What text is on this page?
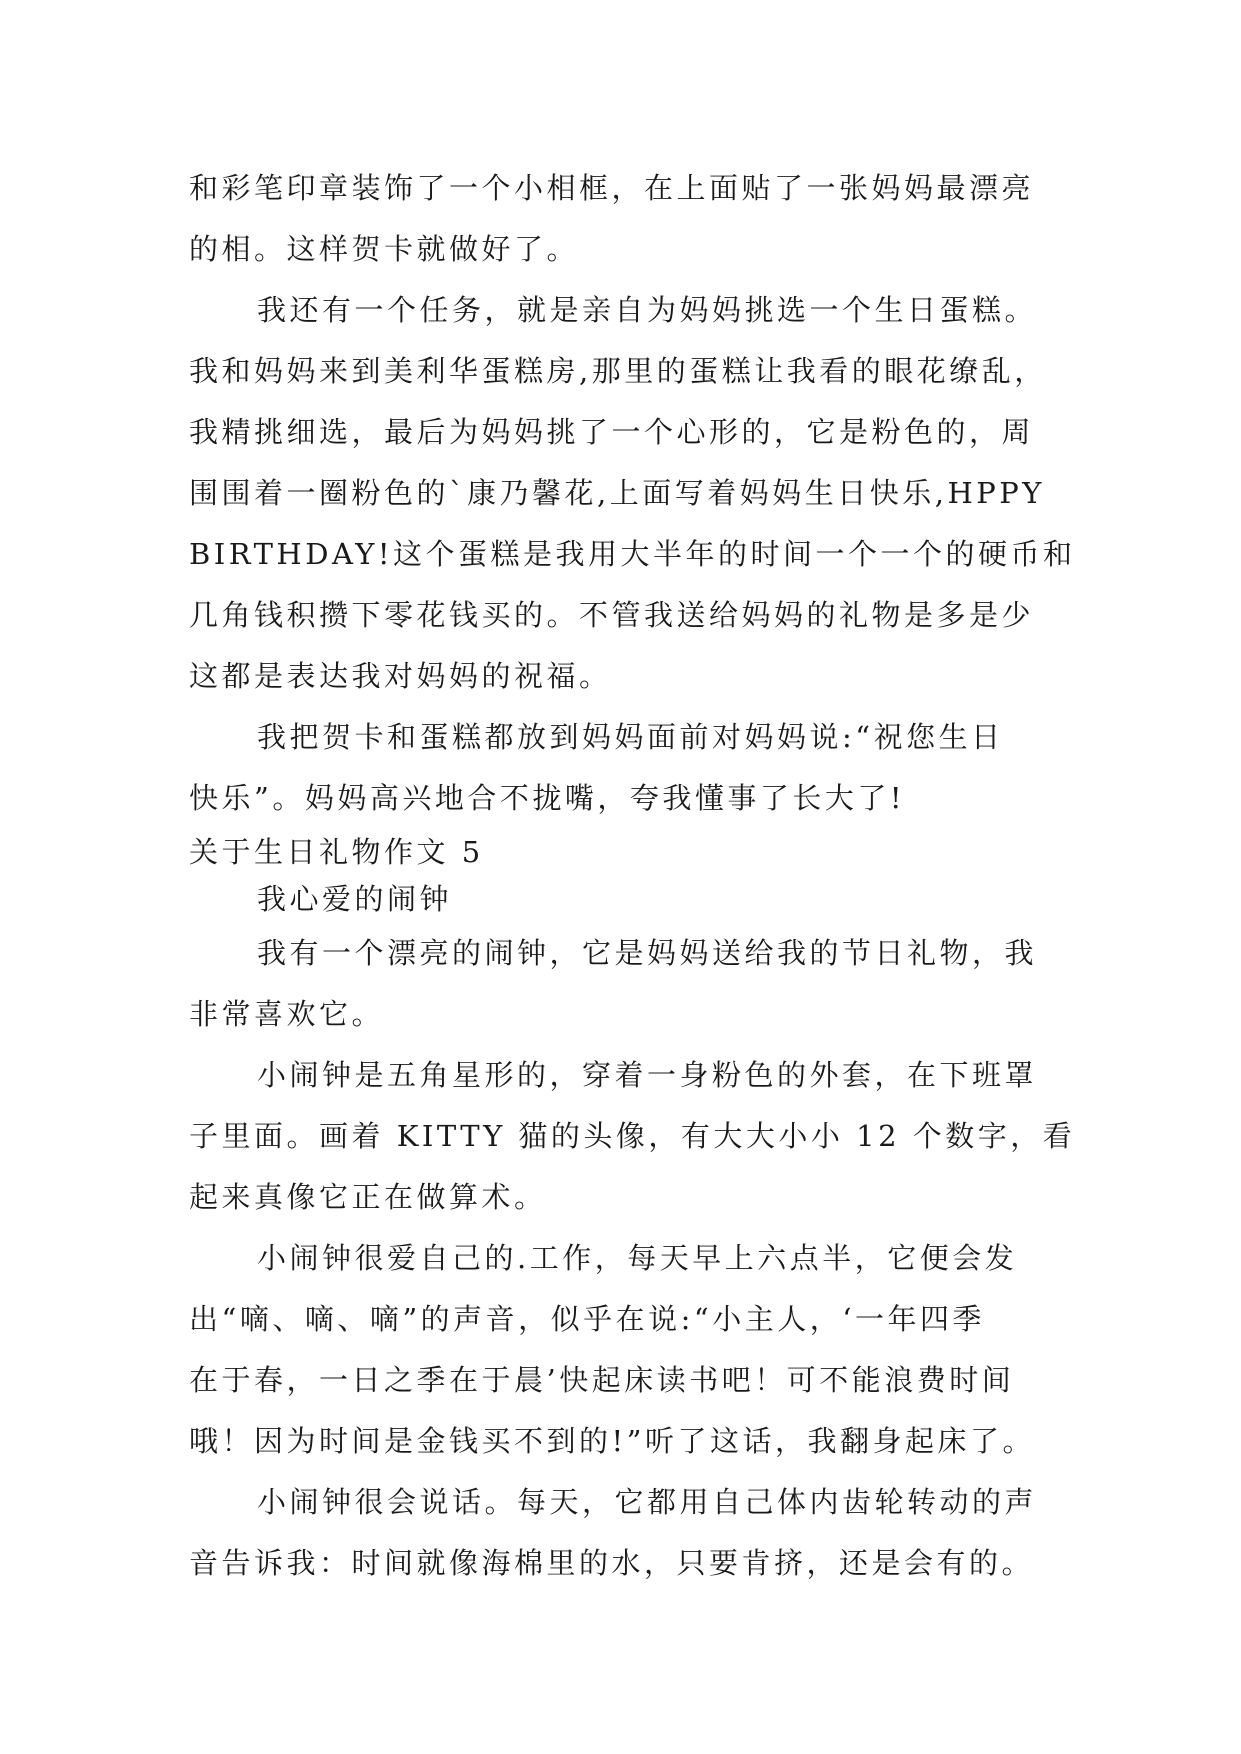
和彩笔印章装饰了一个小相框，在上面贴了一张妈妈最漂亮
的相。这样贺卡就做好了。
我还有一个任务，就是亲自为妈妈挑选一个生日蛋糕。
我和妈妈来到美利华蛋糕房,那里的蛋糕让我看的眼花缭乱，
我精挑细选，最后为妈妈挑了一个心形的，它是粉色的，周
围围着一圈粉色的`康乃馨花,上面写着妈妈生日快乐,HPPY
BIRTHDAY!这个蛋糕是我用大半年的时间一个一个的硬币和
几角钱积攒下零花钱买的。不管我送给妈妈的礼物是多是少
这都是表达我对妈妈的祝福。
我把贺卡和蛋糕都放到妈妈面前对妈妈说:“祝您生日
快乐”。妈妈高兴地合不拢嘴，夸我懂事了长大了!
关于生日礼物作文 5
我心爱的闹钟
我有一个漂亮的闹钟，它是妈妈送给我的节日礼物，我
非常喜欢它。
小闹钟是五角星形的，穿着一身粉色的外套，在下班罩
子里面。画着 KITTY 猫的头像，有大大小小 12 个数字，看
起来真像它正在做算术。
小闹钟很爱自己的.工作，每天早上六点半，它便会发
出“嘀、嘀、嘀”的声音，似乎在说:“小主人，‘一年四季
在于春，一日之季在于晨’快起床读书吧！可不能浪费时间
哦！因为时间是金钱买不到的!”听了这话，我翻身起床了。
小闹钟很会说话。每天，它都用自己体内齿轮转动的声
音告诉我：时间就像海棉里的水，只要肯挤，还是会有的。
